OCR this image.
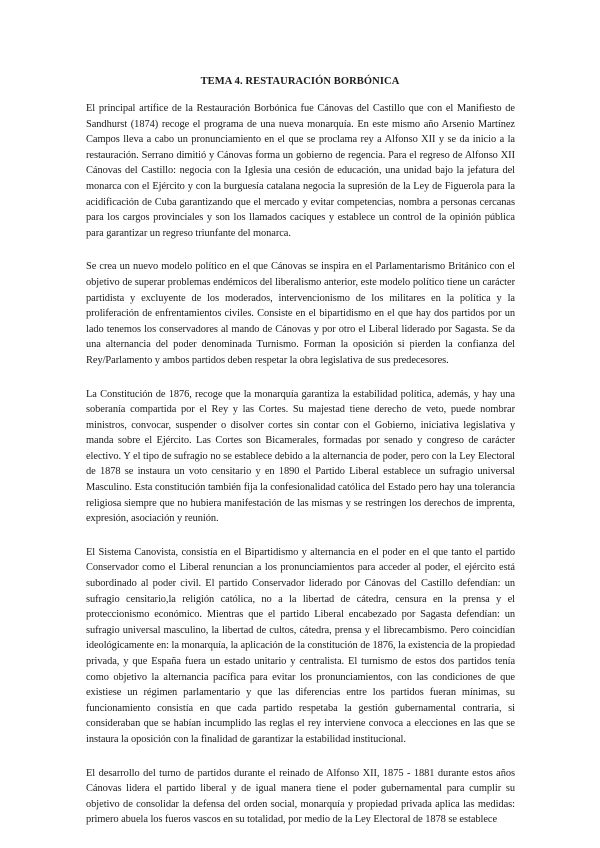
TEMA 4. RESTAURACIÓN BORBÓNICA

El principal artífice de la Restauración Borbónica fue Cánovas del Castillo que con el Manifiesto de Sandhurst (1874) recoge el programa de una nueva monarquía. En este mismo año Arsenio Martínez Campos lleva a cabo un pronunciamiento en el que se proclama rey a Alfonso XII y se da inicio a la restauración. Serrano dimitió y Cánovas forma un gobierno de regencia. Para el regreso de Alfonso XII Cánovas del Castillo: negocia con la Iglesia una cesión de educación, una unidad bajo la jefatura del monarca con el Ejército y con la burguesía catalana negocia la supresión de la Ley de Figuerola para la acidificación de Cuba garantizando que el mercado y evitar competencias, nombra a personas cercanas para los cargos provinciales y son los llamados caciques y establece un control de la opinión pública para garantizar un regreso triunfante del monarca.

Se crea un nuevo modelo político en el que Cánovas se inspira en el Parlamentarismo Británico con el objetivo de superar problemas endémicos del liberalismo anterior, este modelo político tiene un carácter partidista y excluyente de los moderados, intervencionismo de los militares en la política y la proliferación de enfrentamientos civiles. Consiste en el bipartidismo en el que hay dos partidos por un lado tenemos los conservadores al mando de Cánovas y por otro el Liberal liderado por Sagasta. Se da una alternancia del poder denominada Turnismo. Forman la oposición si pierden la confianza del Rey/Parlamento y ambos partidos deben respetar la obra legislativa de sus predecesores.

La Constitución de 1876, recoge que la monarquía garantiza la estabilidad política, además, y hay una soberanía compartida por el Rey y las Cortes. Su majestad tiene derecho de veto, puede nombrar ministros, convocar, suspender o disolver cortes sin contar con el Gobierno, iniciativa legislativa y manda sobre el Ejército. Las Cortes son Bicamerales, formadas por senado y congreso de carácter electivo. Y el tipo de sufragio no se establece debido a la alternancia de poder, pero con la Ley Electoral de 1878 se instaura un voto censitario y en 1890 el Partido Liberal establece un sufragio universal Masculino. Esta constitución también fija la confesionalidad católica del Estado pero hay una tolerancia religiosa siempre que no hubiera manifestación de las mismas y se restringen los derechos de imprenta, expresión, asociación y reunión.

El Sistema Canovista, consistía en el Bipartidismo y alternancia en el poder en el que tanto el partido Conservador como el Liberal renuncian a los pronunciamientos para acceder al poder, el ejército está subordinado al poder civil. El partido Conservador liderado por Cánovas del Castillo defendían: un sufragio censitario,la religión católica, no a la libertad de cátedra, censura en la prensa y el proteccionismo económico. Mientras que el partido Liberal encabezado por Sagasta defendían: un sufragio universal masculino, la libertad de cultos, cátedra, prensa y el librecambismo. Pero coincidían ideológicamente en: la monarquía, la aplicación de la constitución de 1876, la existencia de la propiedad privada, y que España fuera un estado unitario y centralista. El turnismo de estos dos partidos tenía como objetivo la alternancia pacífica para evitar los pronunciamientos, con las condiciones de que existiese un régimen parlamentario y que las diferencias entre los partidos fueran mínimas, su funcionamiento consistía en que cada partido respetaba la gestión gubernamental contraria, si consideraban que se habían incumplido las reglas el rey interviene convoca a elecciones en las que se instaura la oposición con la finalidad de garantizar la estabilidad institucional.

El desarrollo del turno de partidos durante el reinado de Alfonso XII, 1875 - 1881 durante estos años Cánovas lidera el partido liberal y de igual manera tiene el poder gubernamental para cumplir su objetivo de consolidar la defensa del orden social, monarquía y propiedad privada aplica las medidas: primero abuela los fueros vascos en su totalidad, por medio de la Ley Electoral de 1878 se establece
